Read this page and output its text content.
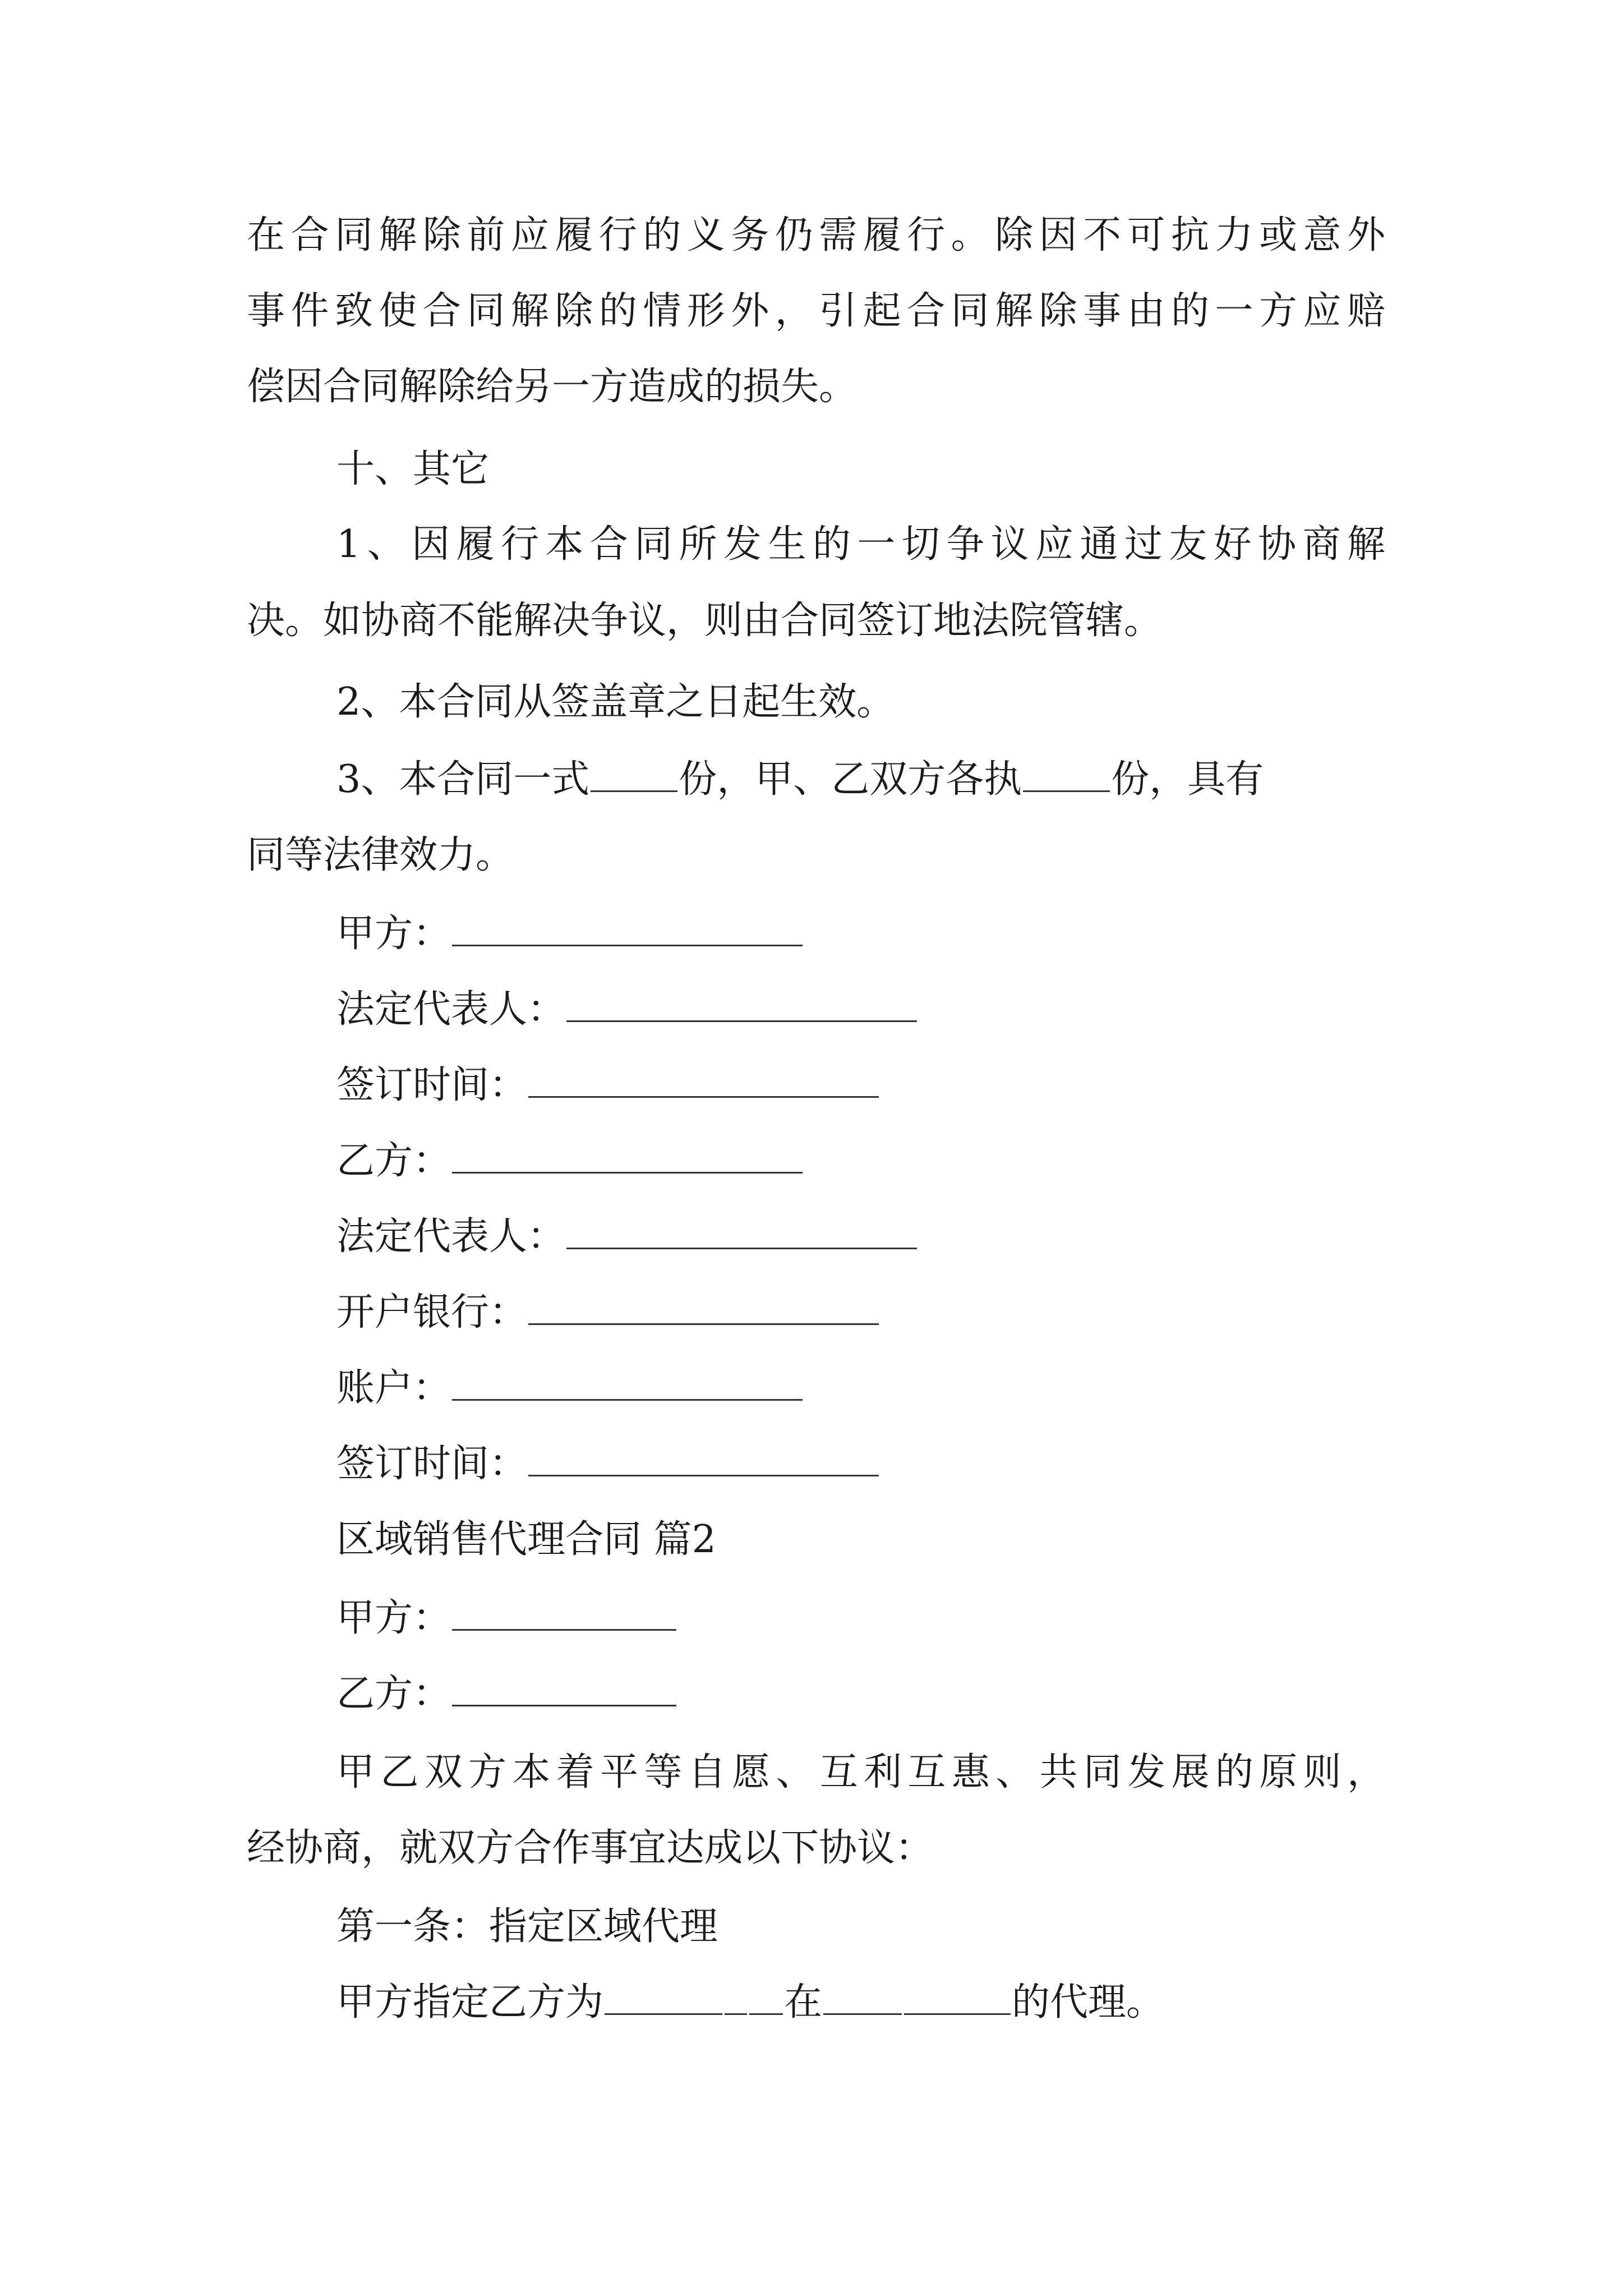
在合同解除前应履行的义务仍需履行。除因不可抗力或意外
事件致使合同解除的情形外，引起合同解除事由的一方应赔
偿因合同解除给另一方造成的损失。
十、其它
1、因履行本合同所发生的一切争议应通过友好协商解
决。如协商不能解决争议，则由合同签订地法院管辖。
2、本合同从签盖章之日起生效。
3、本合同一式 份，甲、乙双方各执 份，具有
同等法律效力。
甲方：
法定代表人：
签订时间：
乙方：
法定代表人：
开户银行：
账户：
签订时间：
区域销售代理合同 篇2
甲方：
乙方：
甲乙双方本着平等自愿、互利互惠、共同发展的原则，
经协商，就双方合作事宜达成以下协议：
第一条：指定区域代理
甲方指定乙方为	在	的代理。
